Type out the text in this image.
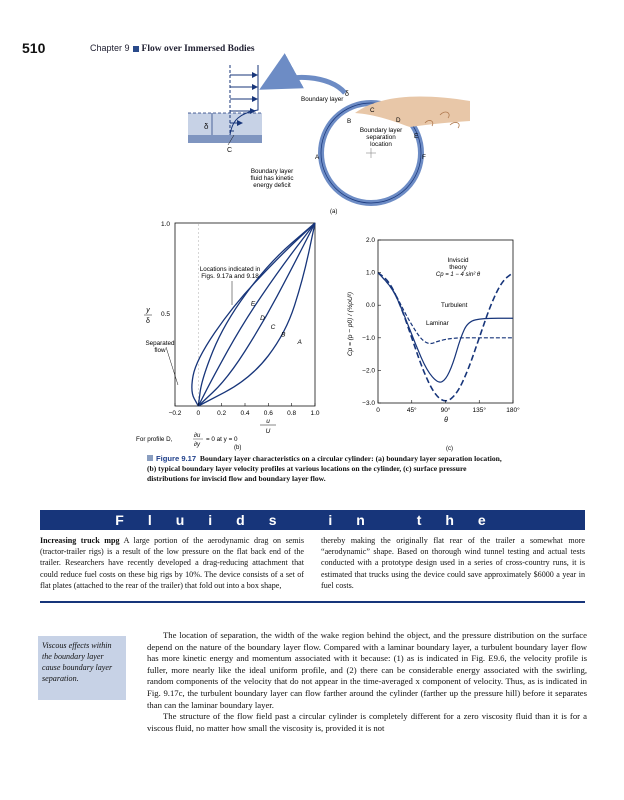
510	Chapter 9 Flow over Immersed Bodies
δ
C
Boundary layer
δ
C
B	D
E
A	F
Boundary layer
separation
location
Boundary layer
fluid has kinetic
energy deficit
(a)
A
B
C
D
E
1.0
0.5
y
δ
Locations indicated in
Figs. 9.17a and 9.18
Separated
flow
−0.2 0	0.2 0.4 0.6 0.8 1.0
u
U
For profile D,	∂u
∂y
= 0 at y = 0
(b)
−3.0
−2.0
−1.0
0.0
1.0
2.0
0	45°	90°	135°	180°
Cp = (p − p0) / (½ρU²)
θ
Inviscid
theory
Cp = 1 − 4 sin² θ
Turbulent
Laminar
(c)
Figure 9.17 Boundary layer characteristics on a circular cylinder: (a) boundary layer separation location, (b) typical boundary layer velocity profiles at various locations on the cylinder, (c) surface pressure distributions for inviscid flow and boundary layer flow.
Fluids in the News
Increasing truck mpg A large portion of the aerodynamic drag on semis (tractor-trailer rigs) is a result of the low pressure on the flat back end of the trailer. Researchers have recently developed a drag-reducing attachment that could reduce fuel costs on these big rigs by 10%. The device consists of a set of flat plates (attached to the rear of the trailer) that fold out into a box shape,
thereby making the originally flat rear of the trailer a somewhat more “aerodynamic” shape. Based on thorough wind tunnel testing and actual tests conducted with a prototype design used in a series of cross-country runs, it is estimated that trucks using the device could save approximately $6000 a year in fuel costs.
Viscous effects within the boundary layer cause boundary layer separation.

The location of separation, the width of the wake region behind the object, and the pressure distribution on the surface depend on the nature of the boundary layer flow. Compared with a laminar boundary layer, a turbulent boundary layer flow has more kinetic energy and momentum associated with it because: (1) as is indicated in Fig. E9.6, the velocity profile is fuller, more nearly like the ideal uniform profile, and (2) there can be considerable energy associated with the swirling, random components of the velocity that do not appear in the time-averaged x component of velocity. Thus, as is indicated in Fig. 9.17c, the turbulent boundary layer can flow farther around the cylinder (farther up the pressure hill) before it separates than can the laminar boundary layer.

The structure of the flow field past a circular cylinder is completely different for a zero viscosity fluid than it is for a viscous fluid, no matter how small the viscosity is, provided it is not
